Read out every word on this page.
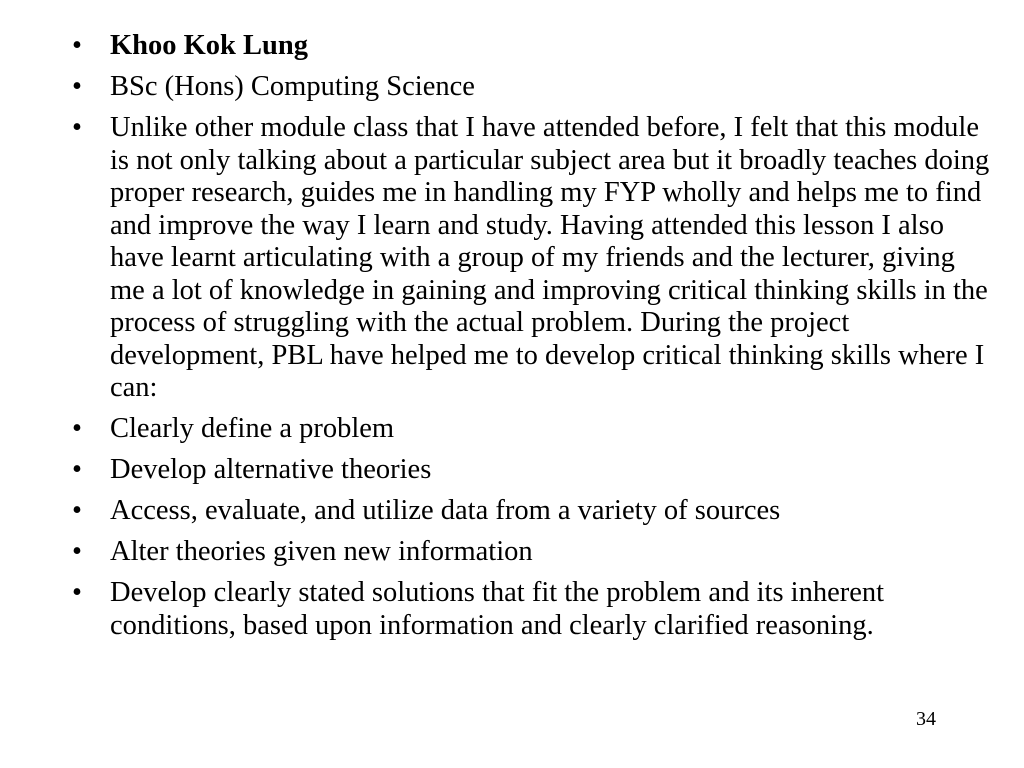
• Khoo Kok Lung
• BSc (Hons) Computing Science
• Unlike other module class that I have attended before, I felt that this module is not only talking about a particular subject area but it broadly teaches doing proper research, guides me in handling my FYP wholly and helps me to find and improve the way I learn and study. Having attended this lesson I also have learnt articulating with a group of my friends and the lecturer, giving me a lot of knowledge in gaining and improving critical thinking skills in the process of struggling with the actual problem. During the project development, PBL have helped me to develop critical thinking skills where I can:
• Clearly define a problem
• Develop alternative theories
• Access, evaluate, and utilize data from a variety of sources
• Alter theories given new information
• Develop clearly stated solutions that fit the problem and its inherent conditions, based upon information and clearly clarified reasoning.
34
